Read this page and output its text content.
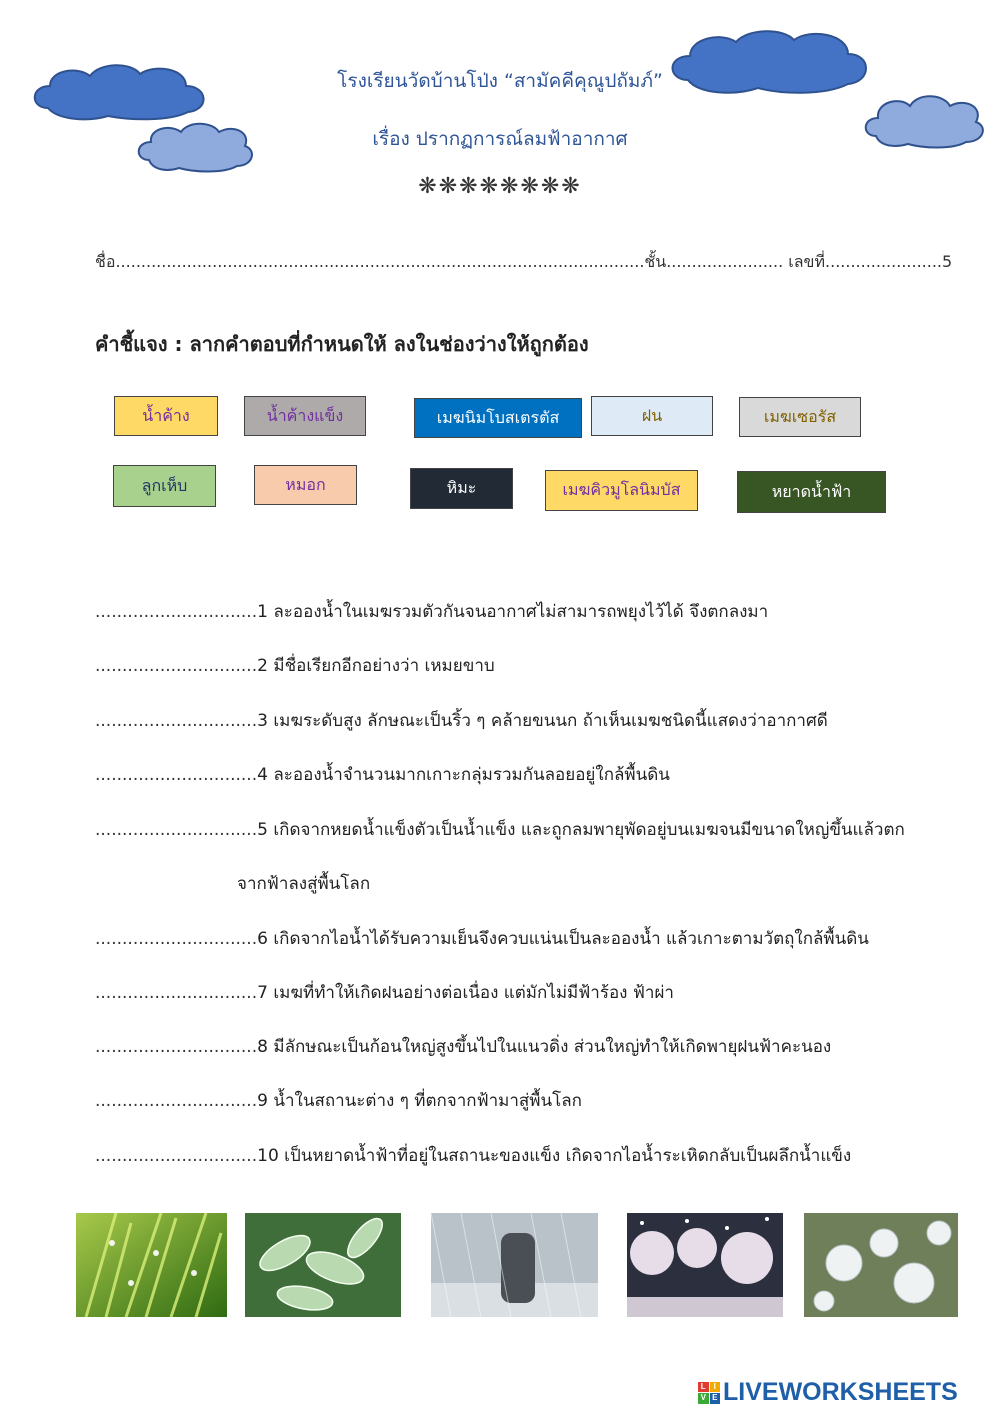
โรงเรียนวัดบ้านโป่ง “สามัคคีคุณูปถัมภ์”
เรื่อง ปรากฏการณ์ลมฟ้าอากาศ
❋❋❋❋❋❋❋❋
ชื่อ........................................................................................................ชั้น....................... เลขที่.......................5
คำชี้แจง : ลากคำตอบที่กำหนดให้ ลงในช่องว่างให้ถูกต้อง
น้ำค้าง	น้ำค้างแข็ง	เมฆนิมโบสเตรตัส	ฝน	เมฆเซอรัส
ลูกเห็บ	หมอก	หิมะ	เมฆคิวมูโลนิมบัส	หยาดน้ำฟ้า
..............................1 ละอองน้ำในเมฆรวมตัวกันจนอากาศไม่สามารถพยุงไว้ได้ จึงตกลงมา
..............................2 มีชื่อเรียกอีกอย่างว่า เหมยขาบ
..............................3 เมฆระดับสูง ลักษณะเป็นริ้ว ๆ คล้ายขนนก ถ้าเห็นเมฆชนิดนี้แสดงว่าอากาศดี
..............................4 ละอองน้ำจำนวนมากเกาะกลุ่มรวมกันลอยอยู่ใกล้พื้นดิน
..............................5 เกิดจากหยดน้ำแข็งตัวเป็นน้ำแข็ง และถูกลมพายุพัดอยู่บนเมฆจนมีขนาดใหญ่ขึ้นแล้วตก
จากฟ้าลงสู่พื้นโลก
..............................6 เกิดจากไอน้ำได้รับความเย็นจึงควบแน่นเป็นละอองน้ำ แล้วเกาะตามวัตถุใกล้พื้นดิน
..............................7 เมฆที่ทำให้เกิดฝนอย่างต่อเนื่อง แต่มักไม่มีฟ้าร้อง ฟ้าผ่า
..............................8 มีลักษณะเป็นก้อนใหญ่สูงขึ้นไปในแนวดิ่ง ส่วนใหญ่ทำให้เกิดพายุฝนฟ้าคะนอง
..............................9 น้ำในสถานะต่าง ๆ ที่ตกจากฟ้ามาสู่พื้นโลก
..............................10 เป็นหยาดน้ำฟ้าที่อยู่ในสถานะของแข็ง เกิดจากไอน้ำระเหิดกลับเป็นผลึกน้ำแข็ง
L I
V E LIVEWORKSHEETS
